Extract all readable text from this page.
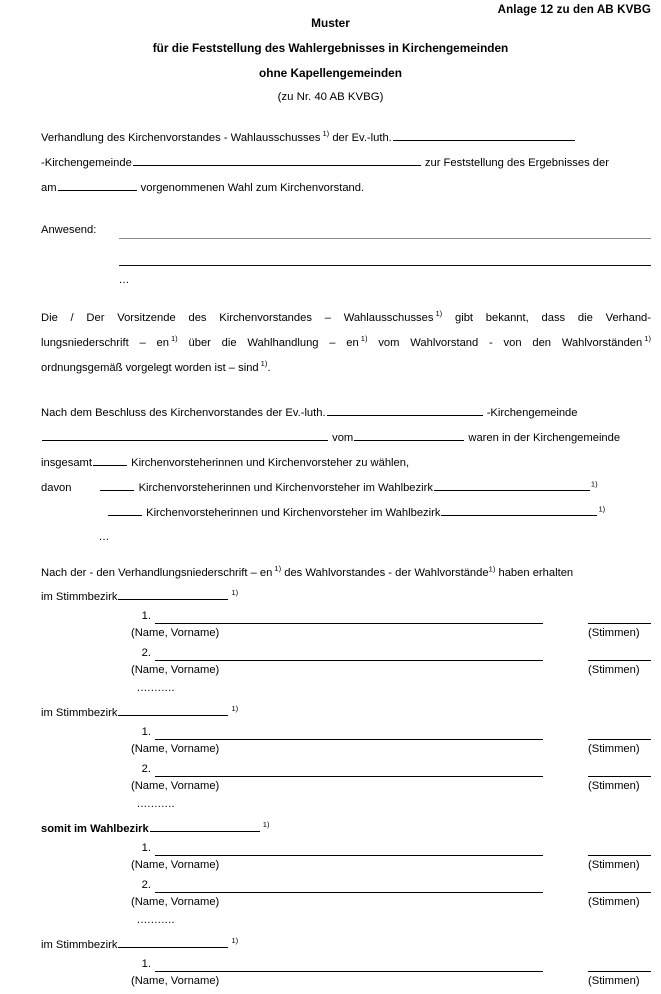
Anlage 12 zu den AB KVBG
Muster
für die Feststellung des Wahlergebnisses in Kirchengemeinden
ohne Kapellengemeinden
(zu Nr. 40 AB KVBG)

Verhandlung des Kirchenvorstandes - Wahlausschusses $^{1)}$ der Ev.-luth.
-Kirchengemeinde	zur Feststellung des Ergebnisses der
am	vorgenommenen Wahl zum Kirchenvorstand.

Anwesend:
...

Die / Der Vorsitzende des Kirchenvorstandes – Wahlausschusses $^{1)}$ gibt bekannt, dass die Verhand-
lungsniederschrift – en $^{1)}$ über die Wahlhandlung – en $^{1)}$ vom Wahlvorstand - von den Wahlvorständen $^{1)}$
ordnungsgemäß vorgelegt worden ist – sind $^{1)}$.

Nach dem Beschluss des Kirchenvorstandes der Ev.-luth.	-Kirchengemeinde
vom	waren in der Kirchengemeinde
insgesamt	Kirchenvorsteherinnen und Kirchenvorsteher zu wählen,
davon	Kirchenvorsteherinnen und Kirchenvorsteher im Wahlbezirk	$^{1)}$
Kirchenvorsteherinnen und Kirchenvorsteher im Wahlbezirk	$^{1)}$
...

Nach der - den Verhandlungsniederschrift – en $^{1)}$ des Wahlvorstandes - der Wahlvorstände$^{1)}$ haben erhalten

im Stimmbezirk	$^{1)}$
1.
(Name, Vorname)	(Stimmen)
2.
(Name, Vorname)	(Stimmen)
...........
im Stimmbezirk	$^{1)}$
1.
(Name, Vorname)	(Stimmen)
2.
(Name, Vorname)	(Stimmen)
...........
somit im Wahlbezirk	$^{1)}$
1.
(Name, Vorname)	(Stimmen)
2.
(Name, Vorname)	(Stimmen)
...........
im Stimmbezirk	$^{1)}$
1.
(Name, Vorname)	(Stimmen)
